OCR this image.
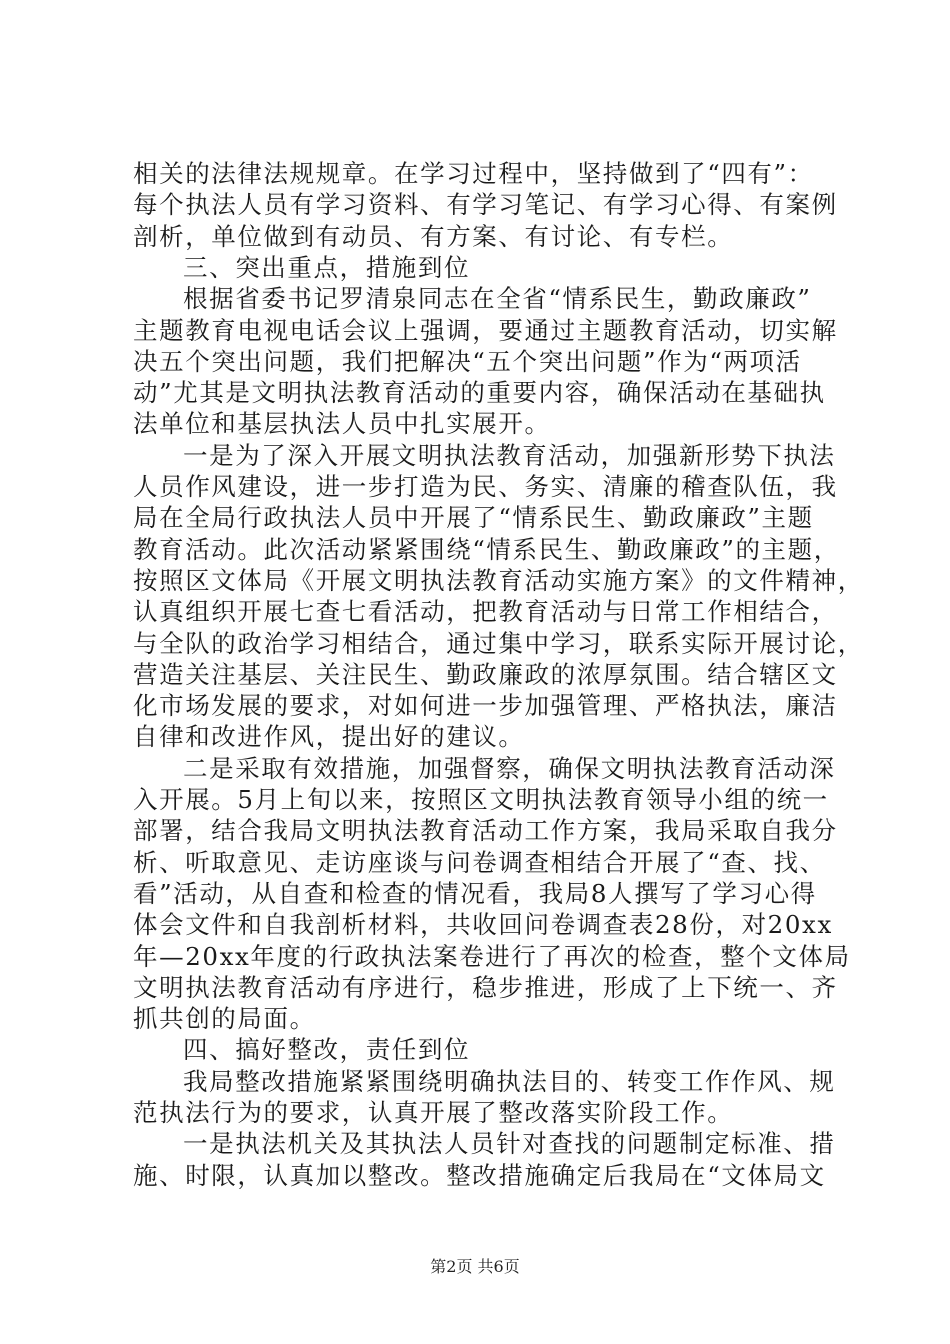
相关的法律法规规章。在学习过程中，坚持做到了“四有”：
每个执法人员有学习资料、有学习笔记、有学习心得、有案例
剖析，单位做到有动员、有方案、有讨论、有专栏。
三、突出重点，措施到位
根据省委书记罗清泉同志在全省“情系民生，勤政廉政”
主题教育电视电话会议上强调，要通过主题教育活动，切实解
决五个突出问题，我们把解决“五个突出问题”作为“两项活
动”尤其是文明执法教育活动的重要内容，确保活动在基础执
法单位和基层执法人员中扎实展开。
一是为了深入开展文明执法教育活动，加强新形势下执法
人员作风建设，进一步打造为民、务实、清廉的稽查队伍，我
局在全局行政执法人员中开展了“情系民生、勤政廉政”主题
教育活动。此次活动紧紧围绕“情系民生、勤政廉政”的主题，
按照区文体局《开展文明执法教育活动实施方案》的文件精神，
认真组织开展七查七看活动，把教育活动与日常工作相结合，
与全队的政治学习相结合，通过集中学习，联系实际开展讨论，
营造关注基层、关注民生、勤政廉政的浓厚氛围。结合辖区文
化市场发展的要求，对如何进一步加强管理、严格执法，廉洁
自律和改进作风，提出好的建议。
二是采取有效措施，加强督察，确保文明执法教育活动深
入开展。5月上旬以来，按照区文明执法教育领导小组的统一
部署，结合我局文明执法教育活动工作方案，我局采取自我分
析、听取意见、走访座谈与问卷调查相结合开展了“查、找、
看”活动，从自查和检查的情况看，我局8人撰写了学习心得
体会文件和自我剖析材料，共收回问卷调查表28份，对20xx
年—20xx年度的行政执法案卷进行了再次的检查，整个文体局
文明执法教育活动有序进行，稳步推进，形成了上下统一、齐
抓共创的局面。
四、搞好整改，责任到位
我局整改措施紧紧围绕明确执法目的、转变工作作风、规
范执法行为的要求，认真开展了整改落实阶段工作。
一是执法机关及其执法人员针对查找的问题制定标准、措
施、时限，认真加以整改。整改措施确定后我局在“文体局文
第2页 共6页
